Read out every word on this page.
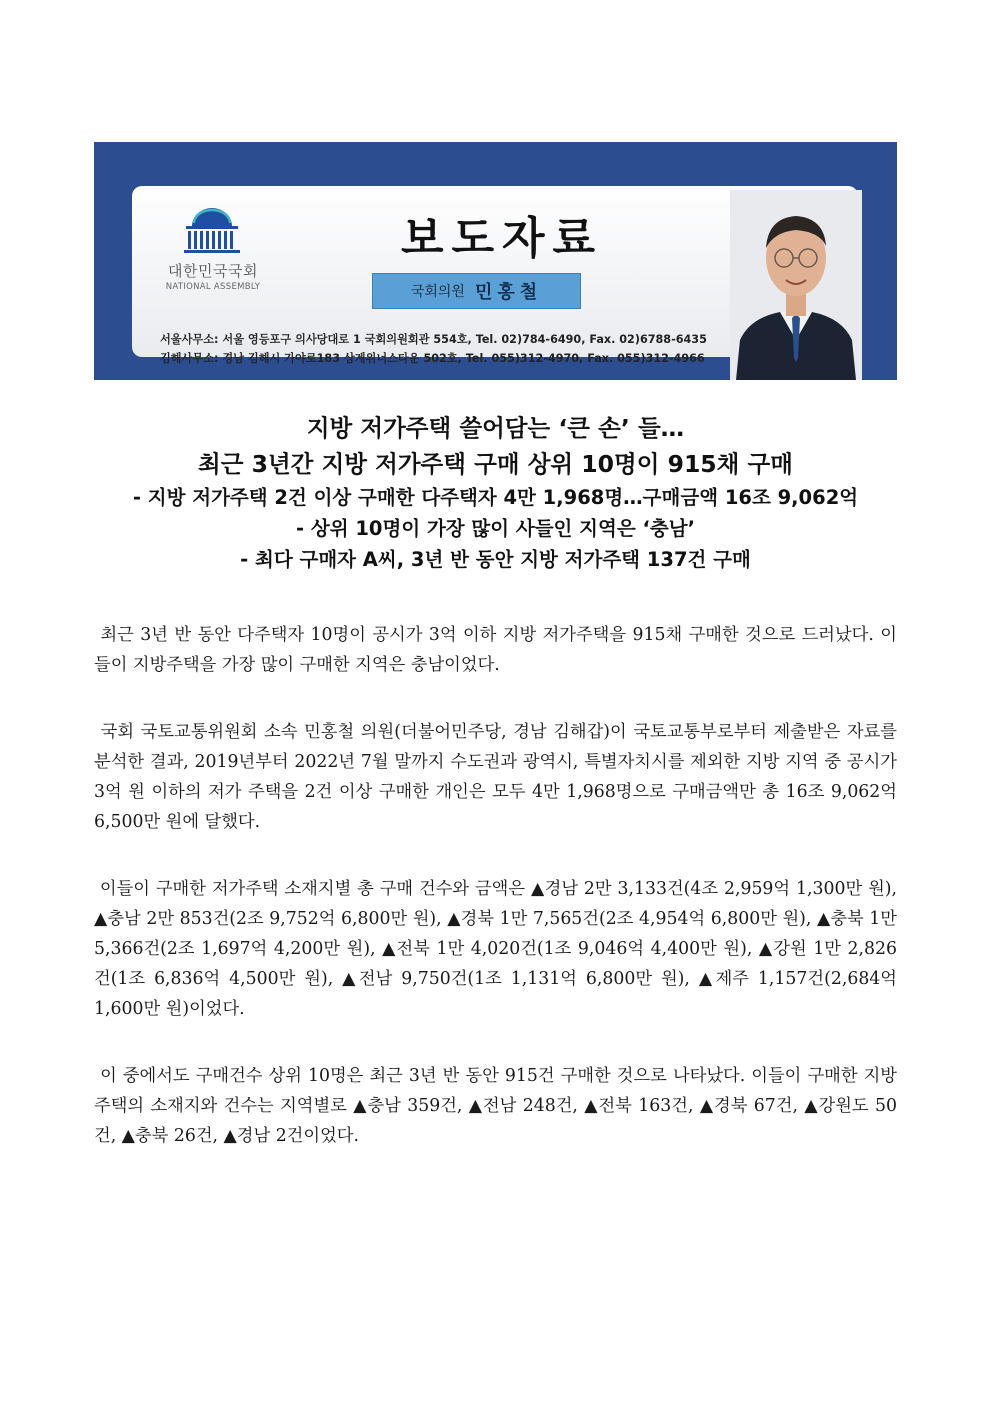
대한민국국회
NATIONAL ASSEMBLY
보도자료
국회의원 민홍철
서울사무소: 서울 영등포구 의사당대로 1 국회의원회관 554호, Tel. 02)784-6490, Fax. 02)6788-6435
김해사무소: 경남 김해시 가야로183 삼계위너스타운 502호, Tel. 055)312-4970, Fax. 055)312-4966
지방 저가주택 쓸어담는 ‘큰 손’ 들…
최근 3년간 지방 저가주택 구매 상위 10명이 915채 구매
- 지방 저가주택 2건 이상 구매한 다주택자 4만 1,968명…구매금액 16조 9,062억
- 상위 10명이 가장 많이 사들인 지역은 ‘충남’
- 최다 구매자 A씨, 3년 반 동안 지방 저가주택 137건 구매

최근 3년 반 동안 다주택자 10명이 공시가 3억 이하 지방 저가주택을 915채 구매한 것으로 드러났다. 이들이 지방주택을 가장 많이 구매한 지역은 충남이었다.

국회 국토교통위원회 소속 민홍철 의원(더불어민주당, 경남 김해갑)이 국토교통부로부터 제출받은 자료를 분석한 결과, 2019년부터 2022년 7월 말까지 수도권과 광역시, 특별자치시를 제외한 지방 지역 중 공시가 3억 원 이하의 저가 주택을 2건 이상 구매한 개인은 모두 4만 1,968명으로 구매금액만 총 16조 9,062억 6,500만 원에 달했다.

이들이 구매한 저가주택 소재지별 총 구매 건수와 금액은 ▲경남 2만 3,133건(4조 2,959억 1,300만 원), ▲충남 2만 853건(2조 9,752억 6,800만 원), ▲경북 1만 7,565건(2조 4,954억 6,800만 원), ▲충북 1만 5,366건(2조 1,697억 4,200만 원), ▲전북 1만 4,020건(1조 9,046억 4,400만 원), ▲강원 1만 2,826건(1조 6,836억 4,500만 원), ▲전남 9,750건(1조 1,131억 6,800만 원), ▲제주 1,157건(2,684억 1,600만 원)이었다.

이 중에서도 구매건수 상위 10명은 최근 3년 반 동안 915건 구매한 것으로 나타났다. 이들이 구매한 지방주택의 소재지와 건수는 지역별로 ▲충남 359건, ▲전남 248건, ▲전북 163건, ▲경북 67건, ▲강원도 50건, ▲충북 26건, ▲경남 2건이었다.
